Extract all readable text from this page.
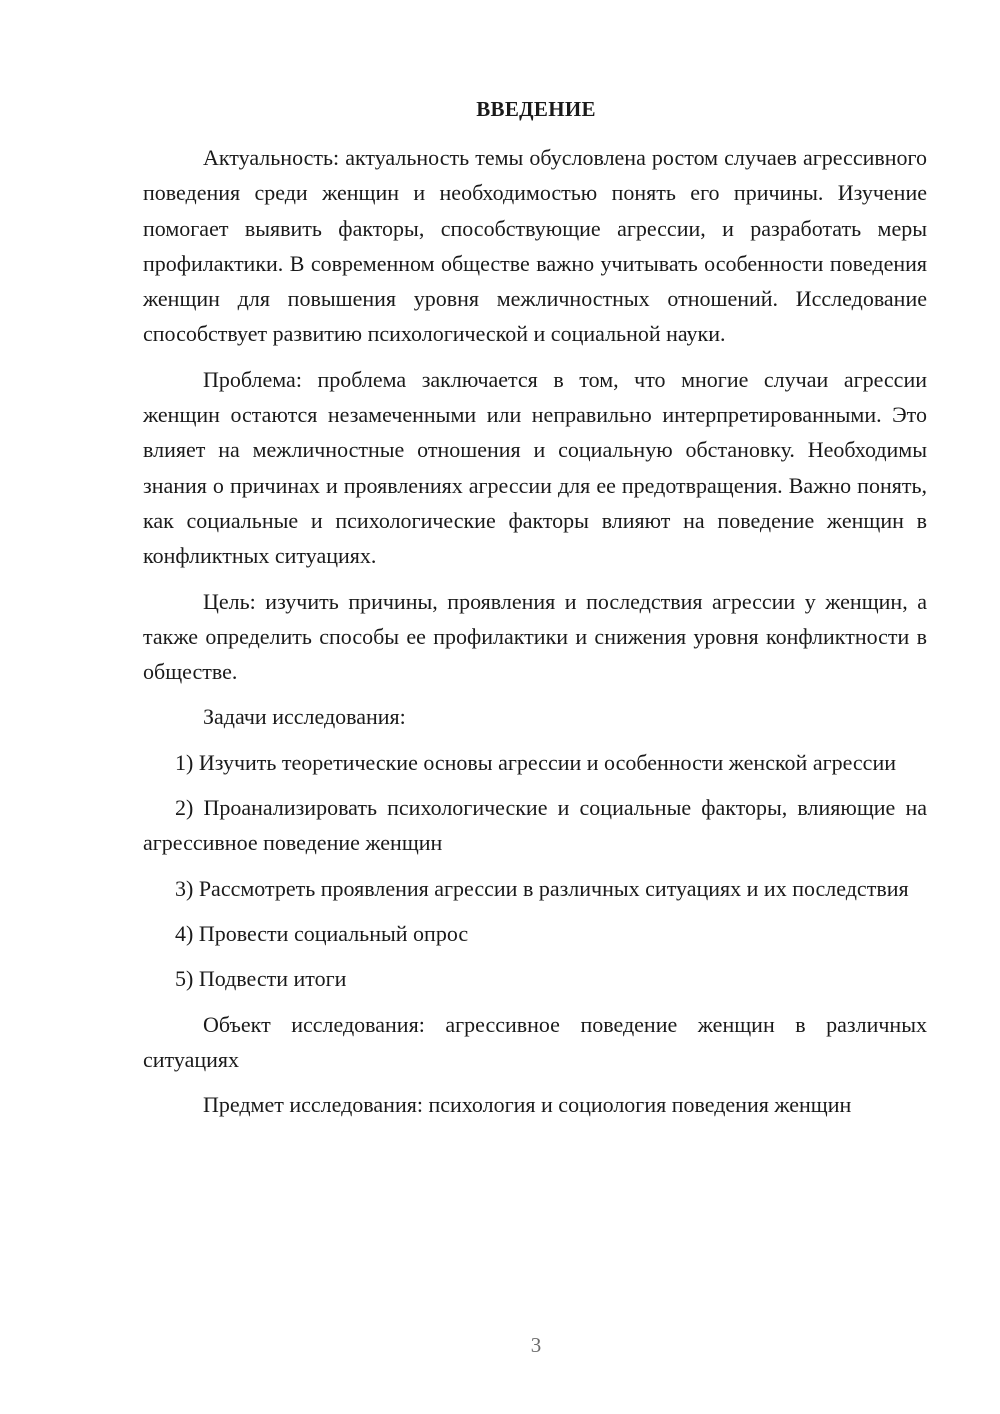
ВВЕДЕНИЕ

Актуальность: актуальность темы обусловлена ростом случаев агрессивного поведения среди женщин и необходимостью понять его причины. Изучение помогает выявить факторы, способствующие агрессии, и разработать меры профилактики. В современном обществе важно учитывать особенности поведения женщин для повышения уровня межличностных отношений. Исследование способствует развитию психологической и социальной науки.

Проблема: проблема заключается в том, что многие случаи агрессии женщин остаются незамеченными или неправильно интерпретированными. Это влияет на межличностные отношения и социальную обстановку. Необходимы знания о причинах и проявлениях агрессии для ее предотвращения. Важно понять, как социальные и психологические факторы влияют на поведение женщин в конфликтных ситуациях.

Цель: изучить причины, проявления и последствия агрессии у женщин, а также определить способы ее профилактики и снижения уровня конфликтности в обществе.

Задачи исследования:

1) Изучить теоретические основы агрессии и особенности женской агрессии

2) Проанализировать психологические и социальные факторы, влияющие на агрессивное поведение женщин

3) Рассмотреть проявления агрессии в различных ситуациях и их последствия

4) Провести социальный опрос

5) Подвести итоги

Объект исследования: агрессивное поведение женщин в различных ситуациях

Предмет исследования: психология и социология поведения женщин

3
